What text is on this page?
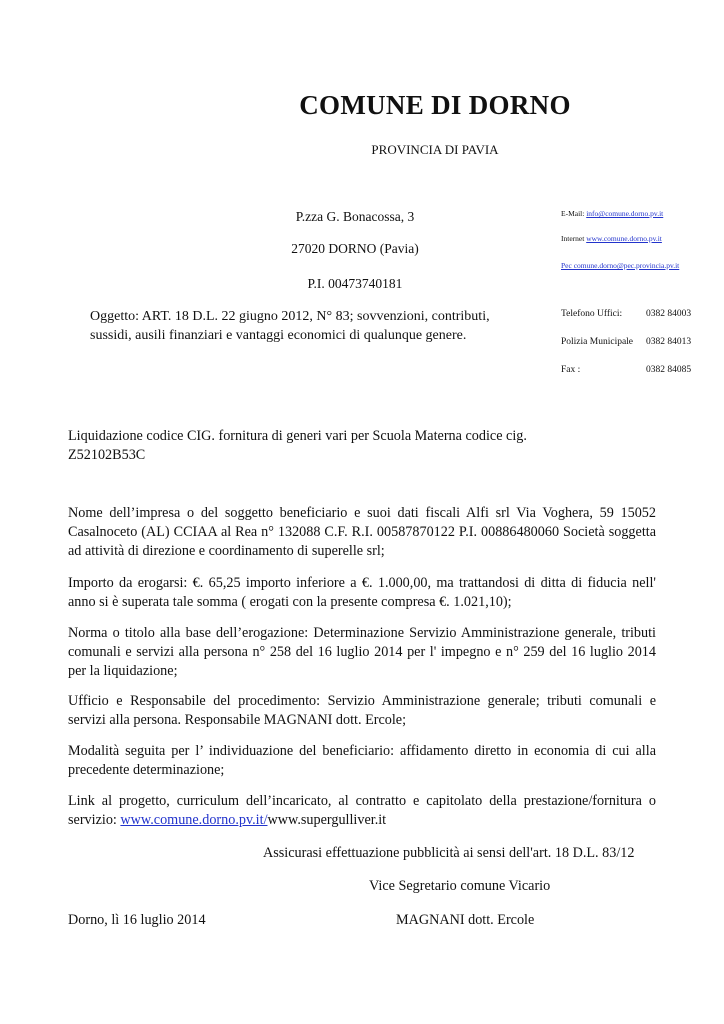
COMUNE DI DORNO
PROVINCIA DI PAVIA
P.zza G. Bonacossa, 3
27020 DORNO (Pavia)
P.I. 00473740181
E-Mail: info@comune.dorno.pv.it
Internet www.comune.dorno.pv.it
Pec comune.dorno@pec.provincia.pv.it
Telefono Uffici:	0382 84003
Polizia Municipale 0382 84013
Fax :	0382 84085
Oggetto: ART. 18 D.L. 22 giugno 2012, N° 83; sovvenzioni, contributi,
sussidi, ausili finanziari e vantaggi economici di qualunque genere.
Liquidazione codice CIG. fornitura di generi vari per Scuola Materna codice cig.
Z52102B53C
Nome dell’impresa o del soggetto beneficiario e suoi dati fiscali Alfi srl Via Voghera, 59 15052 Casalnoceto (AL) CCIAA al Rea n° 132088 C.F. R.I. 00587870122 P.I. 00886480060 Società soggetta ad attività di direzione e coordinamento di superelle srl;
Importo da erogarsi: €. 65,25 importo inferiore a €. 1.000,00, ma trattandosi di ditta di fiducia nell' anno si è superata tale somma ( erogati con la presente compresa €. 1.021,10);
Norma o titolo alla base dell’erogazione: Determinazione Servizio Amministrazione generale, tributi comunali e servizi alla persona n° 258 del 16 luglio 2014 per l' impegno e n° 259 del 16 luglio 2014 per la liquidazione;
Ufficio e Responsabile del procedimento: Servizio Amministrazione generale; tributi comunali e servizi alla persona. Responsabile MAGNANI dott. Ercole;
Modalità seguita per l’ individuazione del beneficiario: affidamento diretto in economia di cui alla precedente determinazione;
Link al progetto, curriculum dell’incaricato, al contratto e capitolato della prestazione/fornitura o servizio: www.comune.dorno.pv.it/www.supergulliver.it
Assicurasi effettuazione pubblicità ai sensi dell'art. 18 D.L. 83/12
Vice Segretario comune Vicario
Dorno, lì 16 luglio 2014	MAGNANI dott. Ercole
